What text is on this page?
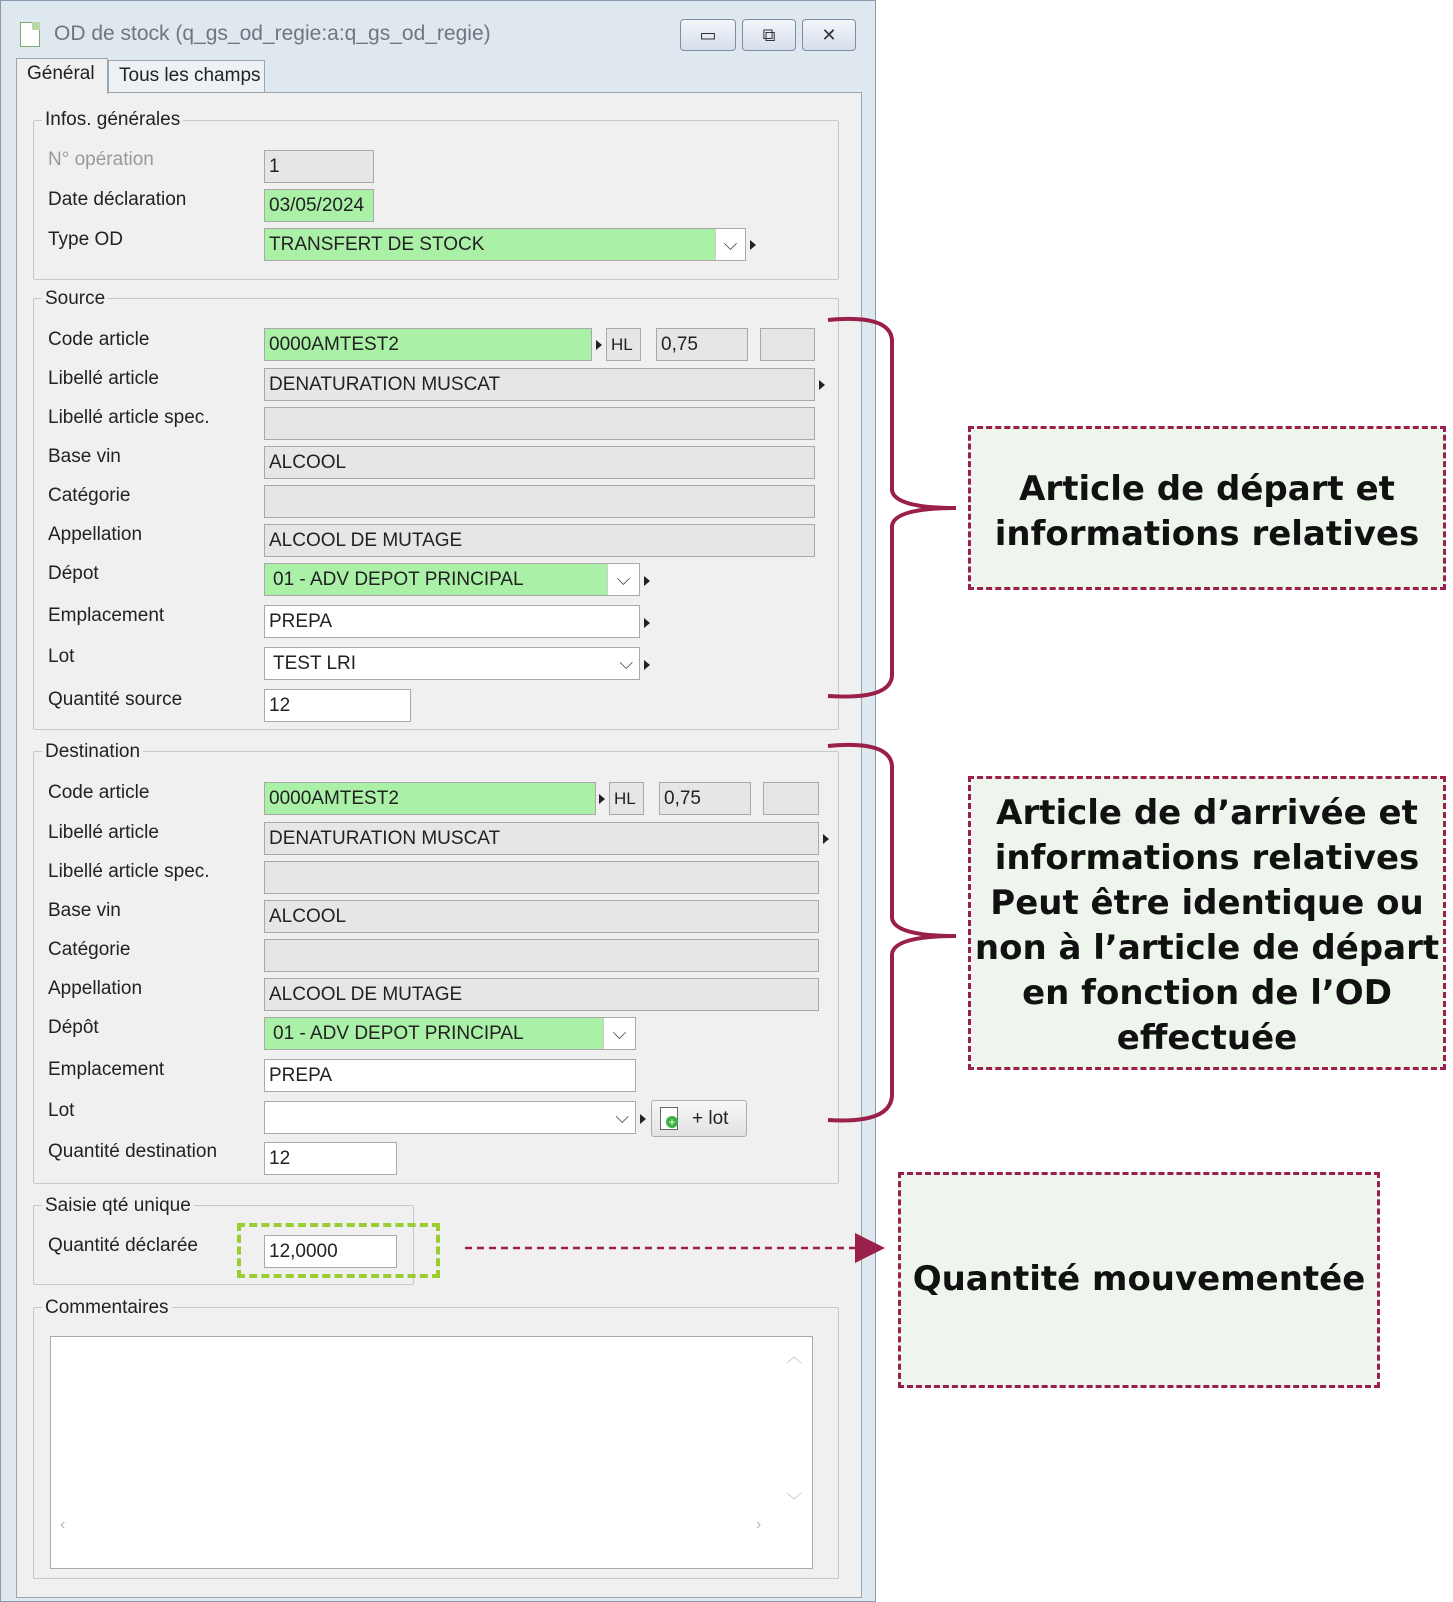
OD de stock (q_gs_od_regie:a:q_gs_od_regie)	▭	⧉	✕
Général	Tous les champs
Infos. générales
N° opération	1
Date déclaration	03/05/2024
Type OD	TRANSFERT DE STOCK	⌵
Source
Code article	0000AMTEST2	HL	0,75
Libellé article	DENATURATION MUSCAT
Libellé article spec.
Base vin	ALCOOL
Catégorie
Appellation	ALCOOL DE MUTAGE
Dépot	01 - ADV DEPOT PRINCIPAL	⌵
Emplacement	PREPA
Lot	TEST LRI	⌵
Quantité source	12
Destination
Code article	0000AMTEST2	HL	0,75
Libellé article	DENATURATION MUSCAT
Libellé article spec.
Base vin	ALCOOL
Catégorie
Appellation	ALCOOL DE MUTAGE
Dépôt	01 - ADV DEPOT PRINCIPAL	⌵
Emplacement	PREPA
Lot	⌵	+ + lot
Quantité destination	12
Saisie qté unique
Quantité déclarée	12,0000
Commentaires
︿
﹀
‹	›
Article de départ et informations relatives
Article de d’arrivée et informations relatives Peut être identique ou non à l’article de départ en fonction de l’OD effectuée
Quantité mouvementée
